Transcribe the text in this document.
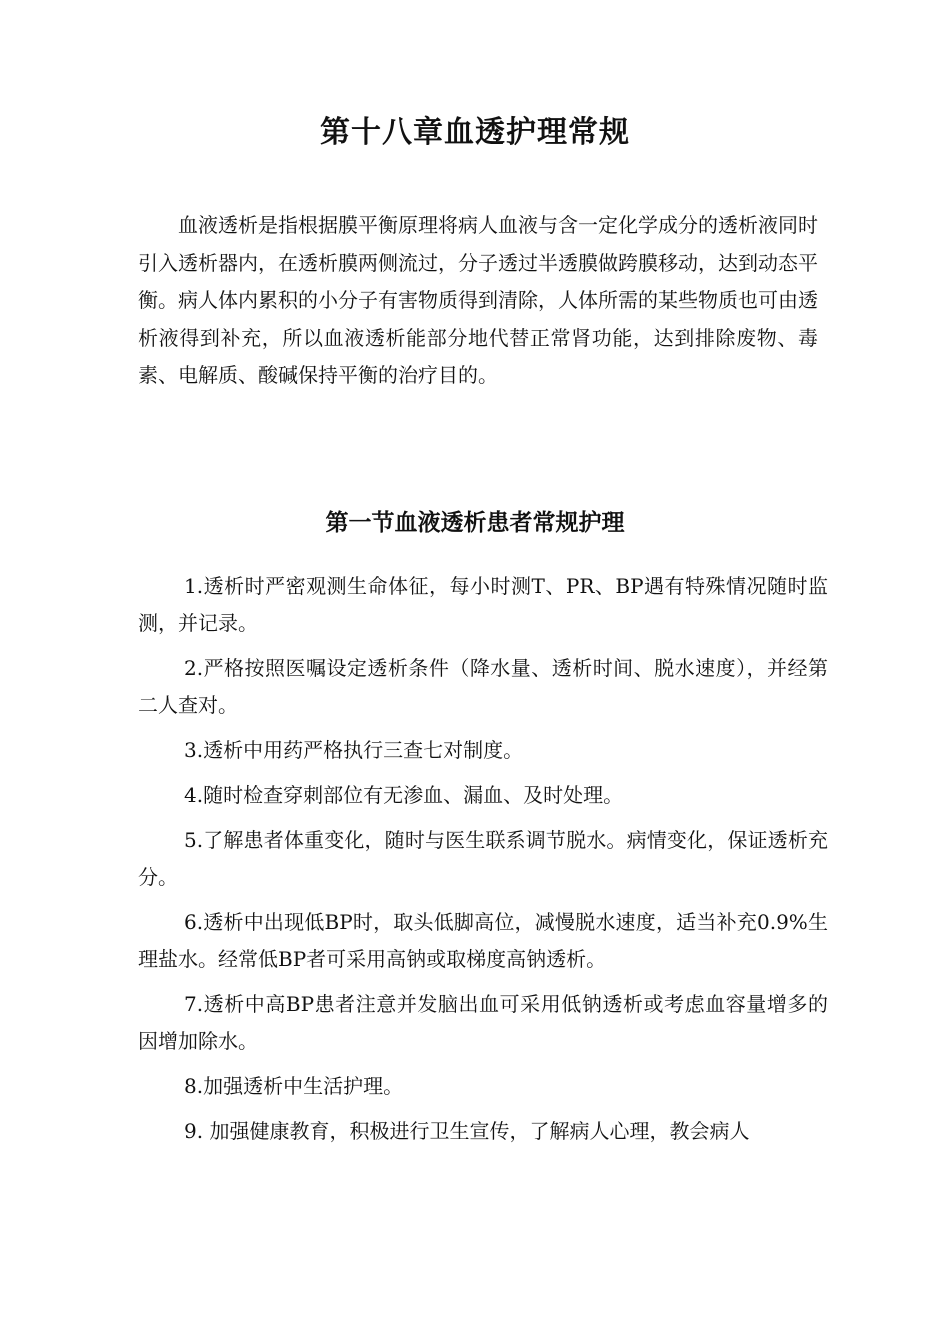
第十八章血透护理常规

血液透析是指根据膜平衡原理将病人血液与含一定化学成分的透析液同时引入透析器内，在透析膜两侧流过，分子透过半透膜做跨膜移动，达到动态平衡。病人体内累积的小分子有害物质得到清除，人体所需的某些物质也可由透析液得到补充，所以血液透析能部分地代替正常肾功能，达到排除废物、毒素、电解质、酸碱保持平衡的治疗目的。

第一节血液透析患者常规护理
1.透析时严密观测生命体征，每小时测T、PR、BP遇有特殊情况随时监测，并记录。
2.严格按照医嘱设定透析条件（降水量、透析时间、脱水速度），并经第二人查对。
3.透析中用药严格执行三查七对制度。
4.随时检查穿刺部位有无渗血、漏血、及时处理。
5.了解患者体重变化，随时与医生联系调节脱水。病情变化，保证透析充分。
6.透析中出现低BP时，取头低脚高位，减慢脱水速度，适当补充0.9%生理盐水。经常低BP者可采用高钠或取梯度高钠透析。
7.透析中高BP患者注意并发脑出血可采用低钠透析或考虑血容量增多的因增加除水。
8.加强透析中生活护理。
9. 加强健康教育，积极进行卫生宣传，了解病人心理，教会病人
